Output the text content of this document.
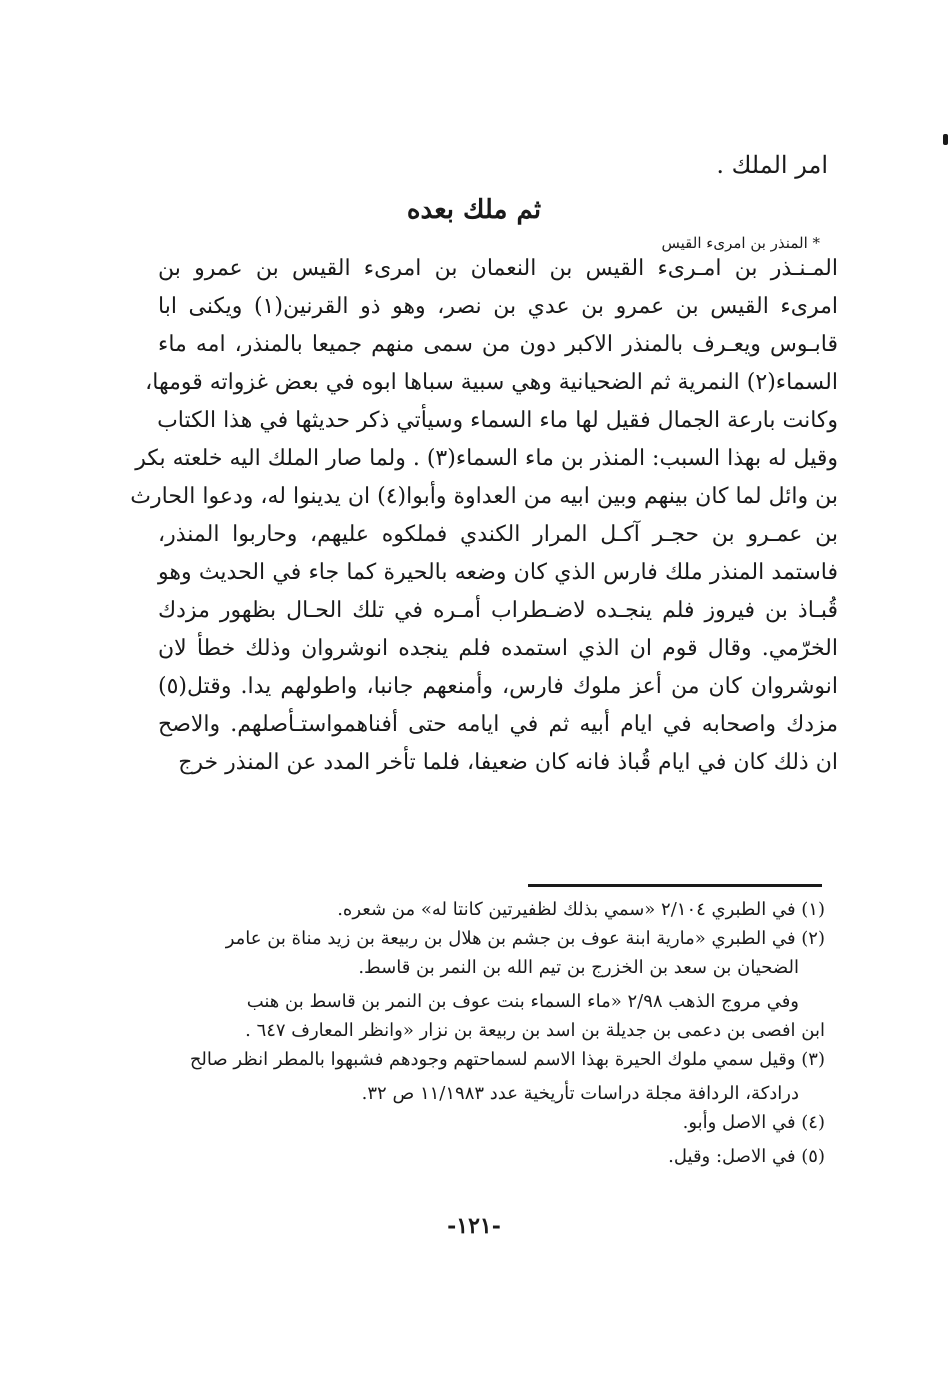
امر الملك .
ثم ملك بعده
* المنذر بن امرىء القيس
المـنـذر بن امـرىء القيس بن النعمان بن امرىء القيس بن عمرو بن
امرىء القيس بن عمرو بن عدي بن نصر، وهو ذو القرنين(١) ويكنى ابا
قابـوس ويعـرف بالمنذر الاكبر دون من سمى منهم جميعا بالمنذر، امه ماء
السماء(٢) النمرية ثم الضحيانية وهي سبية سباها ابوه في بعض غزواته قومها،
وكانت بارعة الجمال فقيل لها ماء السماء وسيأتي ذكر حديثها في هذا الكتاب
وقيل له بهذا السبب: المنذر بن ماء السماء(٣) . ولما صار الملك اليه خلعته بكر
بن وائل لما كان بينهم وبين ابيه من العداوة وأبوا(٤) ان يدينوا له، ودعوا الحارث
بن عمـرو بن حجـر آكـل المرار الكندي فملكوه عليهم، وحاربوا المنذر،
فاستمد المنذر ملك فارس الذي كان وضعه بالحيرة كما جاء في الحديث وهو
قُبـاذ بن فيروز فلم ينجـده لاضـطراب أمـره في تلك الحـال بظهور مزدك
الخرّمي. وقال قوم ان الذي استمده فلم ينجده انوشروان وذلك خطأ لان
انوشروان كان من أعز ملوك فارس، وأمنعهم جانبا، واطولهم يدا. وقتل(٥)
مزدك واصحابه في ايام أبيه ثم في ايامه حتى أفناهمواستـأصلهم. والاصح
ان ذلك كان في ايام قُباذ فانه كان ضعيفا، فلما تأخر المدد عن المنذر خرج

(١) في الطبري ٢/١٠٤ «سمي بذلك لظفيرتين كانتا له» من شعره.

(٢) في الطبري «مارية ابنة عوف بن جشم بن هلال بن ربيعة بن زيد مناة بن عامر

الضحيان بن سعد بن الخزرج بن تيم الله بن النمر بن قاسط.

وفي مروج الذهب ٢/٩٨ «ماء السماء بنت عوف بن النمر بن قاسط بن هنب

ابن افصى بن دعمى بن جديلة بن اسد بن ربيعة بن نزار «وانظر المعارف ٦٤٧ .

(٣) وقيل سمي ملوك الحيرة بهذا الاسم لسماحتهم وجودهم فشبهوا بالمطر انظر صالح

درادكة، الردافة مجلة دراسات تأريخية عدد ١١/١٩٨٣ ص ٣٢.

(٤) في الاصل وأبو.

(٥) في الاصل: وقيل.

-١٢١-
